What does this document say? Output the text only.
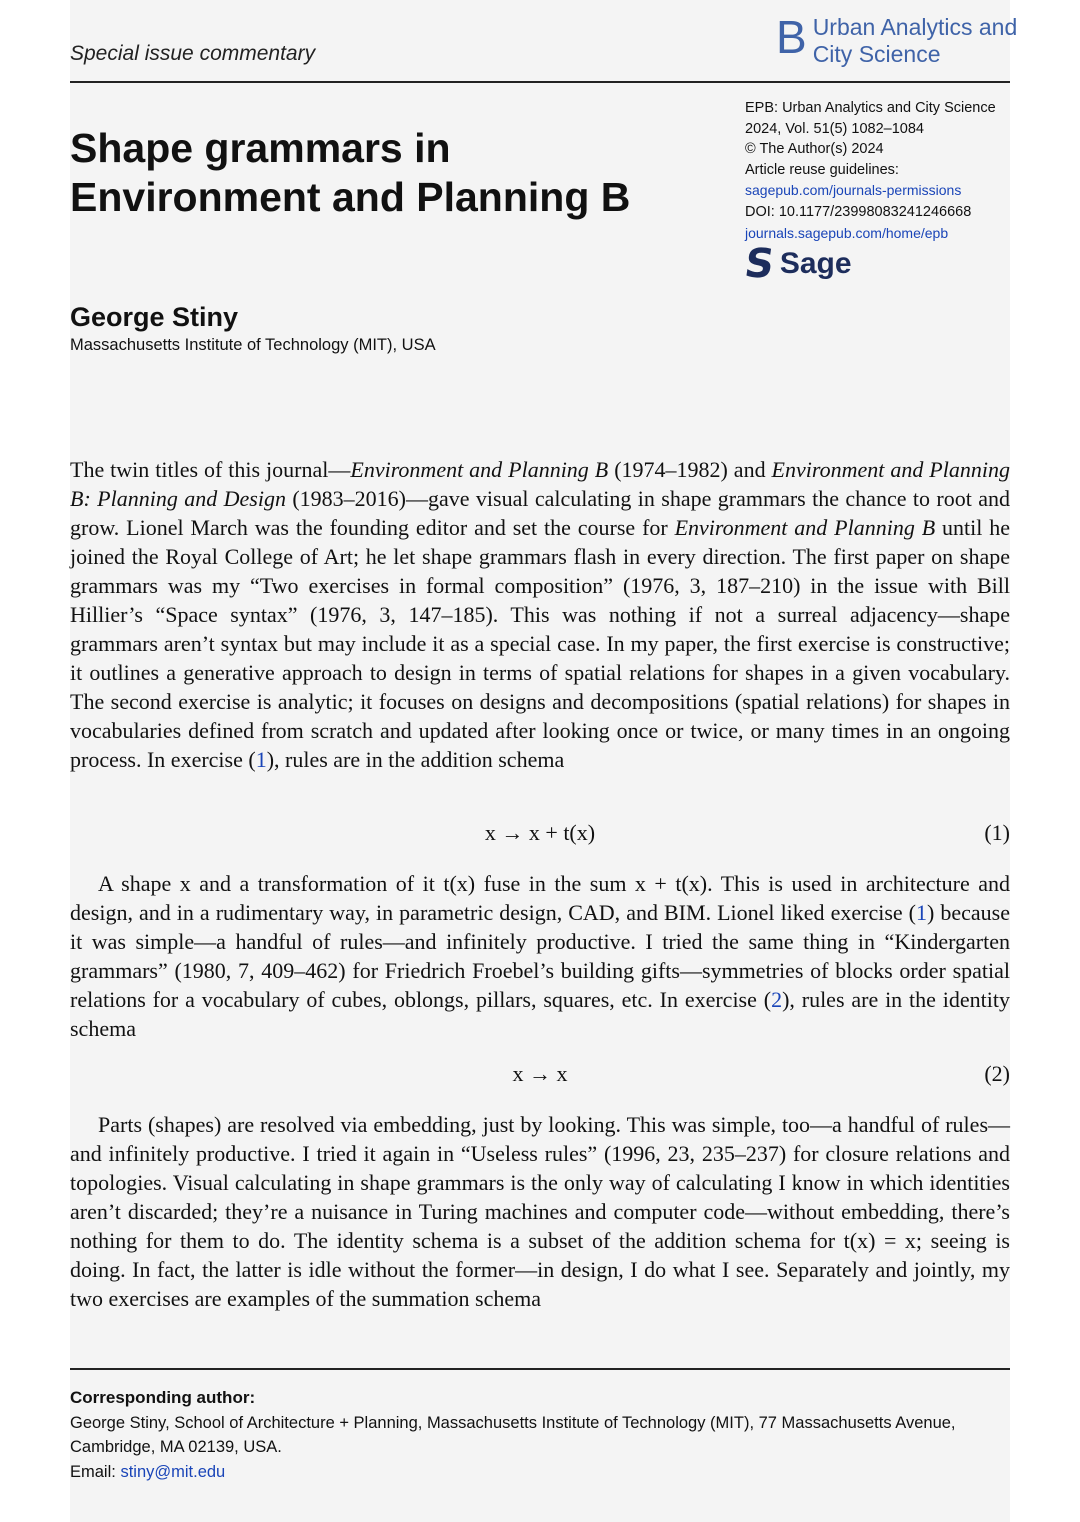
Special issue commentary	B Urban Analytics and
City Science
Shape grammars in
Environment and Planning B
EPB: Urban Analytics and City Science
2024, Vol. 51(5) 1082–1084
© The Author(s) 2024
Article reuse guidelines:
sagepub.com/journals-permissions
DOI: 10.1177/23998083241246668
journals.sagepub.com/home/epb
S Sage
George Stiny
Massachusetts Institute of Technology (MIT), USA
The twin titles of this journal—Environment and Planning B (1974–1982) and Environment and Planning B: Planning and Design (1983–2016)—gave visual calculating in shape grammars the chance to root and grow. Lionel March was the founding editor and set the course for Environment and Planning B until he joined the Royal College of Art; he let shape grammars flash in every direction. The first paper on shape grammars was my “Two exercises in formal composition” (1976, 3, 187–210) in the issue with Bill Hillier’s “Space syntax” (1976, 3, 147–185). This was nothing if not a surreal adjacency—shape grammars aren’t syntax but may include it as a special case. In my paper, the first exercise is constructive; it outlines a generative approach to design in terms of spatial relations for shapes in a given vocabulary. The second exercise is analytic; it focuses on designs and decompositions (spatial relations) for shapes in vocabularies defined from scratch and updated after looking once or twice, or many times in an ongoing process. In exercise (1), rules are in the addition schema
x → x + t(x)	(1)
A shape x and a transformation of it t(x) fuse in the sum x + t(x). This is used in architecture and design, and in a rudimentary way, in parametric design, CAD, and BIM. Lionel liked exercise (1) because it was simple—a handful of rules—and infinitely productive. I tried the same thing in “Kindergarten grammars” (1980, 7, 409–462) for Friedrich Froebel’s building gifts—symmetries of blocks order spatial relations for a vocabulary of cubes, oblongs, pillars, squares, etc. In exercise (2), rules are in the identity schema
x → x	(2)
Parts (shapes) are resolved via embedding, just by looking. This was simple, too—a handful of rules—and infinitely productive. I tried it again in “Useless rules” (1996, 23, 235–237) for closure relations and topologies. Visual calculating in shape grammars is the only way of calculating I know in which identities aren’t discarded; they’re a nuisance in Turing machines and computer code—without embedding, there’s nothing for them to do. The identity schema is a subset of the addition schema for t(x) = x; seeing is doing. In fact, the latter is idle without the former—in design, I do what I see. Separately and jointly, my two exercises are examples of the summation schema
Corresponding author:
George Stiny, School of Architecture + Planning, Massachusetts Institute of Technology (MIT), 77 Massachusetts Avenue,
Cambridge, MA 02139, USA.
Email: stiny@mit.edu
